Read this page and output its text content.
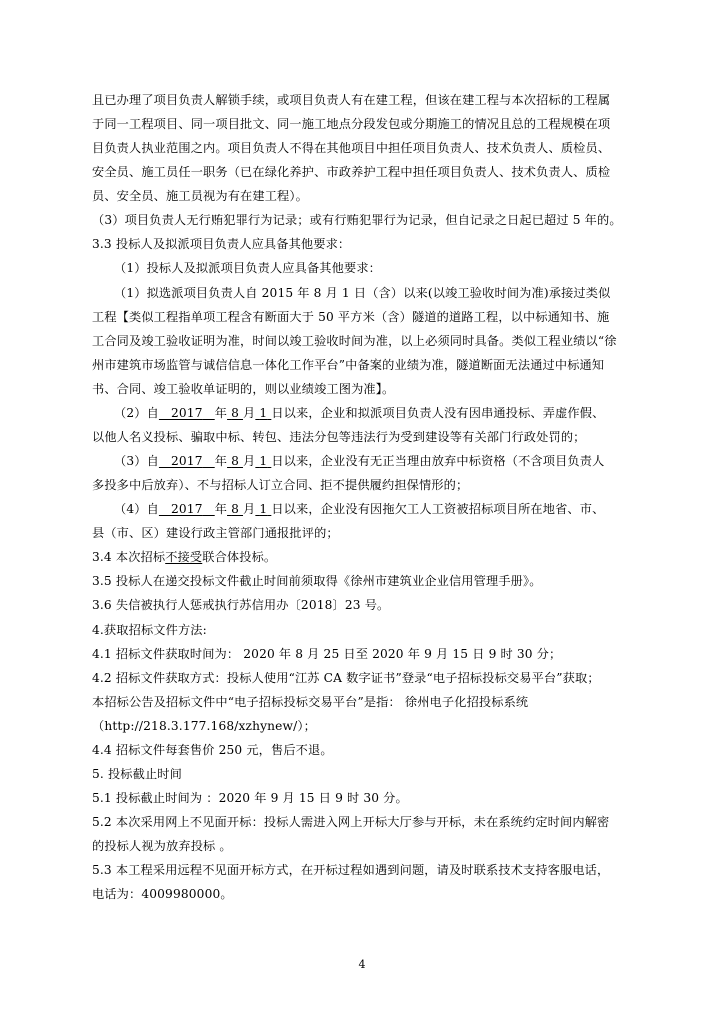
且已办理了项目负责人解锁手续，或项目负责人有在建工程，但该在建工程与本次招标的工程属
于同一工程项目、同一项目批文、同一施工地点分段发包或分期施工的情况且总的工程规模在项
目负责人执业范围之内。项目负责人不得在其他项目中担任项目负责人、技术负责人、质检员、
安全员、施工员任一职务（已在绿化养护、市政养护工程中担任项目负责人、技术负责人、质检
员、安全员、施工员视为有在建工程）。
（3）项目负责人无行贿犯罪行为记录；或有行贿犯罪行为记录，但自记录之日起已超过 5 年的。
3.3 投标人及拟派项目负责人应具备其他要求：
（1）投标人及拟派项目负责人应具备其他要求：
（1）拟选派项目负责人自 2015 年 8 月 1 日（含）以来(以竣工验收时间为准)承接过类似
工程【类似工程指单项工程含有断面大于 50 平方米（含）隧道的道路工程，以中标通知书、施
工合同及竣工验收证明为准，时间以竣工验收时间为准，以上必须同时具备。类似工程业绩以“徐
州市建筑市场监管与诚信信息一体化工作平台”中备案的业绩为准，隧道断面无法通过中标通知
书、合同、竣工验收单证明的，则以业绩竣工图为准】。
（2）自 2017 年 8 月 1 日以来，企业和拟派项目负责人没有因串通投标、弄虚作假、
以他人名义投标、骗取中标、转包、违法分包等违法行为受到建设等有关部门行政处罚的；
（3）自 2017 年 8 月 1 日以来，企业没有无正当理由放弃中标资格（不含项目负责人
多投多中后放弃）、不与招标人订立合同、拒不提供履约担保情形的；
（4）自 2017 年 8 月 1 日以来，企业没有因拖欠工人工资被招标项目所在地省、市、
县（市、区）建设行政主管部门通报批评的；
3.4 本次招标不接受联合体投标。
3.5 投标人在递交投标文件截止时间前须取得《徐州市建筑业企业信用管理手册》。
3.6 失信被执行人惩戒执行苏信用办〔2018〕23 号。
4.获取招标文件方法:
4.1 招标文件获取时间为： 2020 年 8 月 25 日至 2020 年 9 月 15 日 9 时 30 分；
4.2 招标文件获取方式：投标人使用“江苏 CA 数字证书”登录“电子招标投标交易平台”获取；
本招标公告及招标文件中“电子招标投标交易平台”是指： 徐州电子化招投标系统
（http://218.3.177.168/xzhynew/）；
4.4 招标文件每套售价 250 元，售后不退。
5. 投标截止时间
5.1 投标截止时间为 ：2020 年 9 月 15 日 9 时 30 分。
5.2 本次采用网上不见面开标：投标人需进入网上开标大厅参与开标，未在系统约定时间内解密
的投标人视为放弃投标 。
5.3 本工程采用远程不见面开标方式，在开标过程如遇到问题，请及时联系技术支持客服电话，
电话为：4009980000。
4
